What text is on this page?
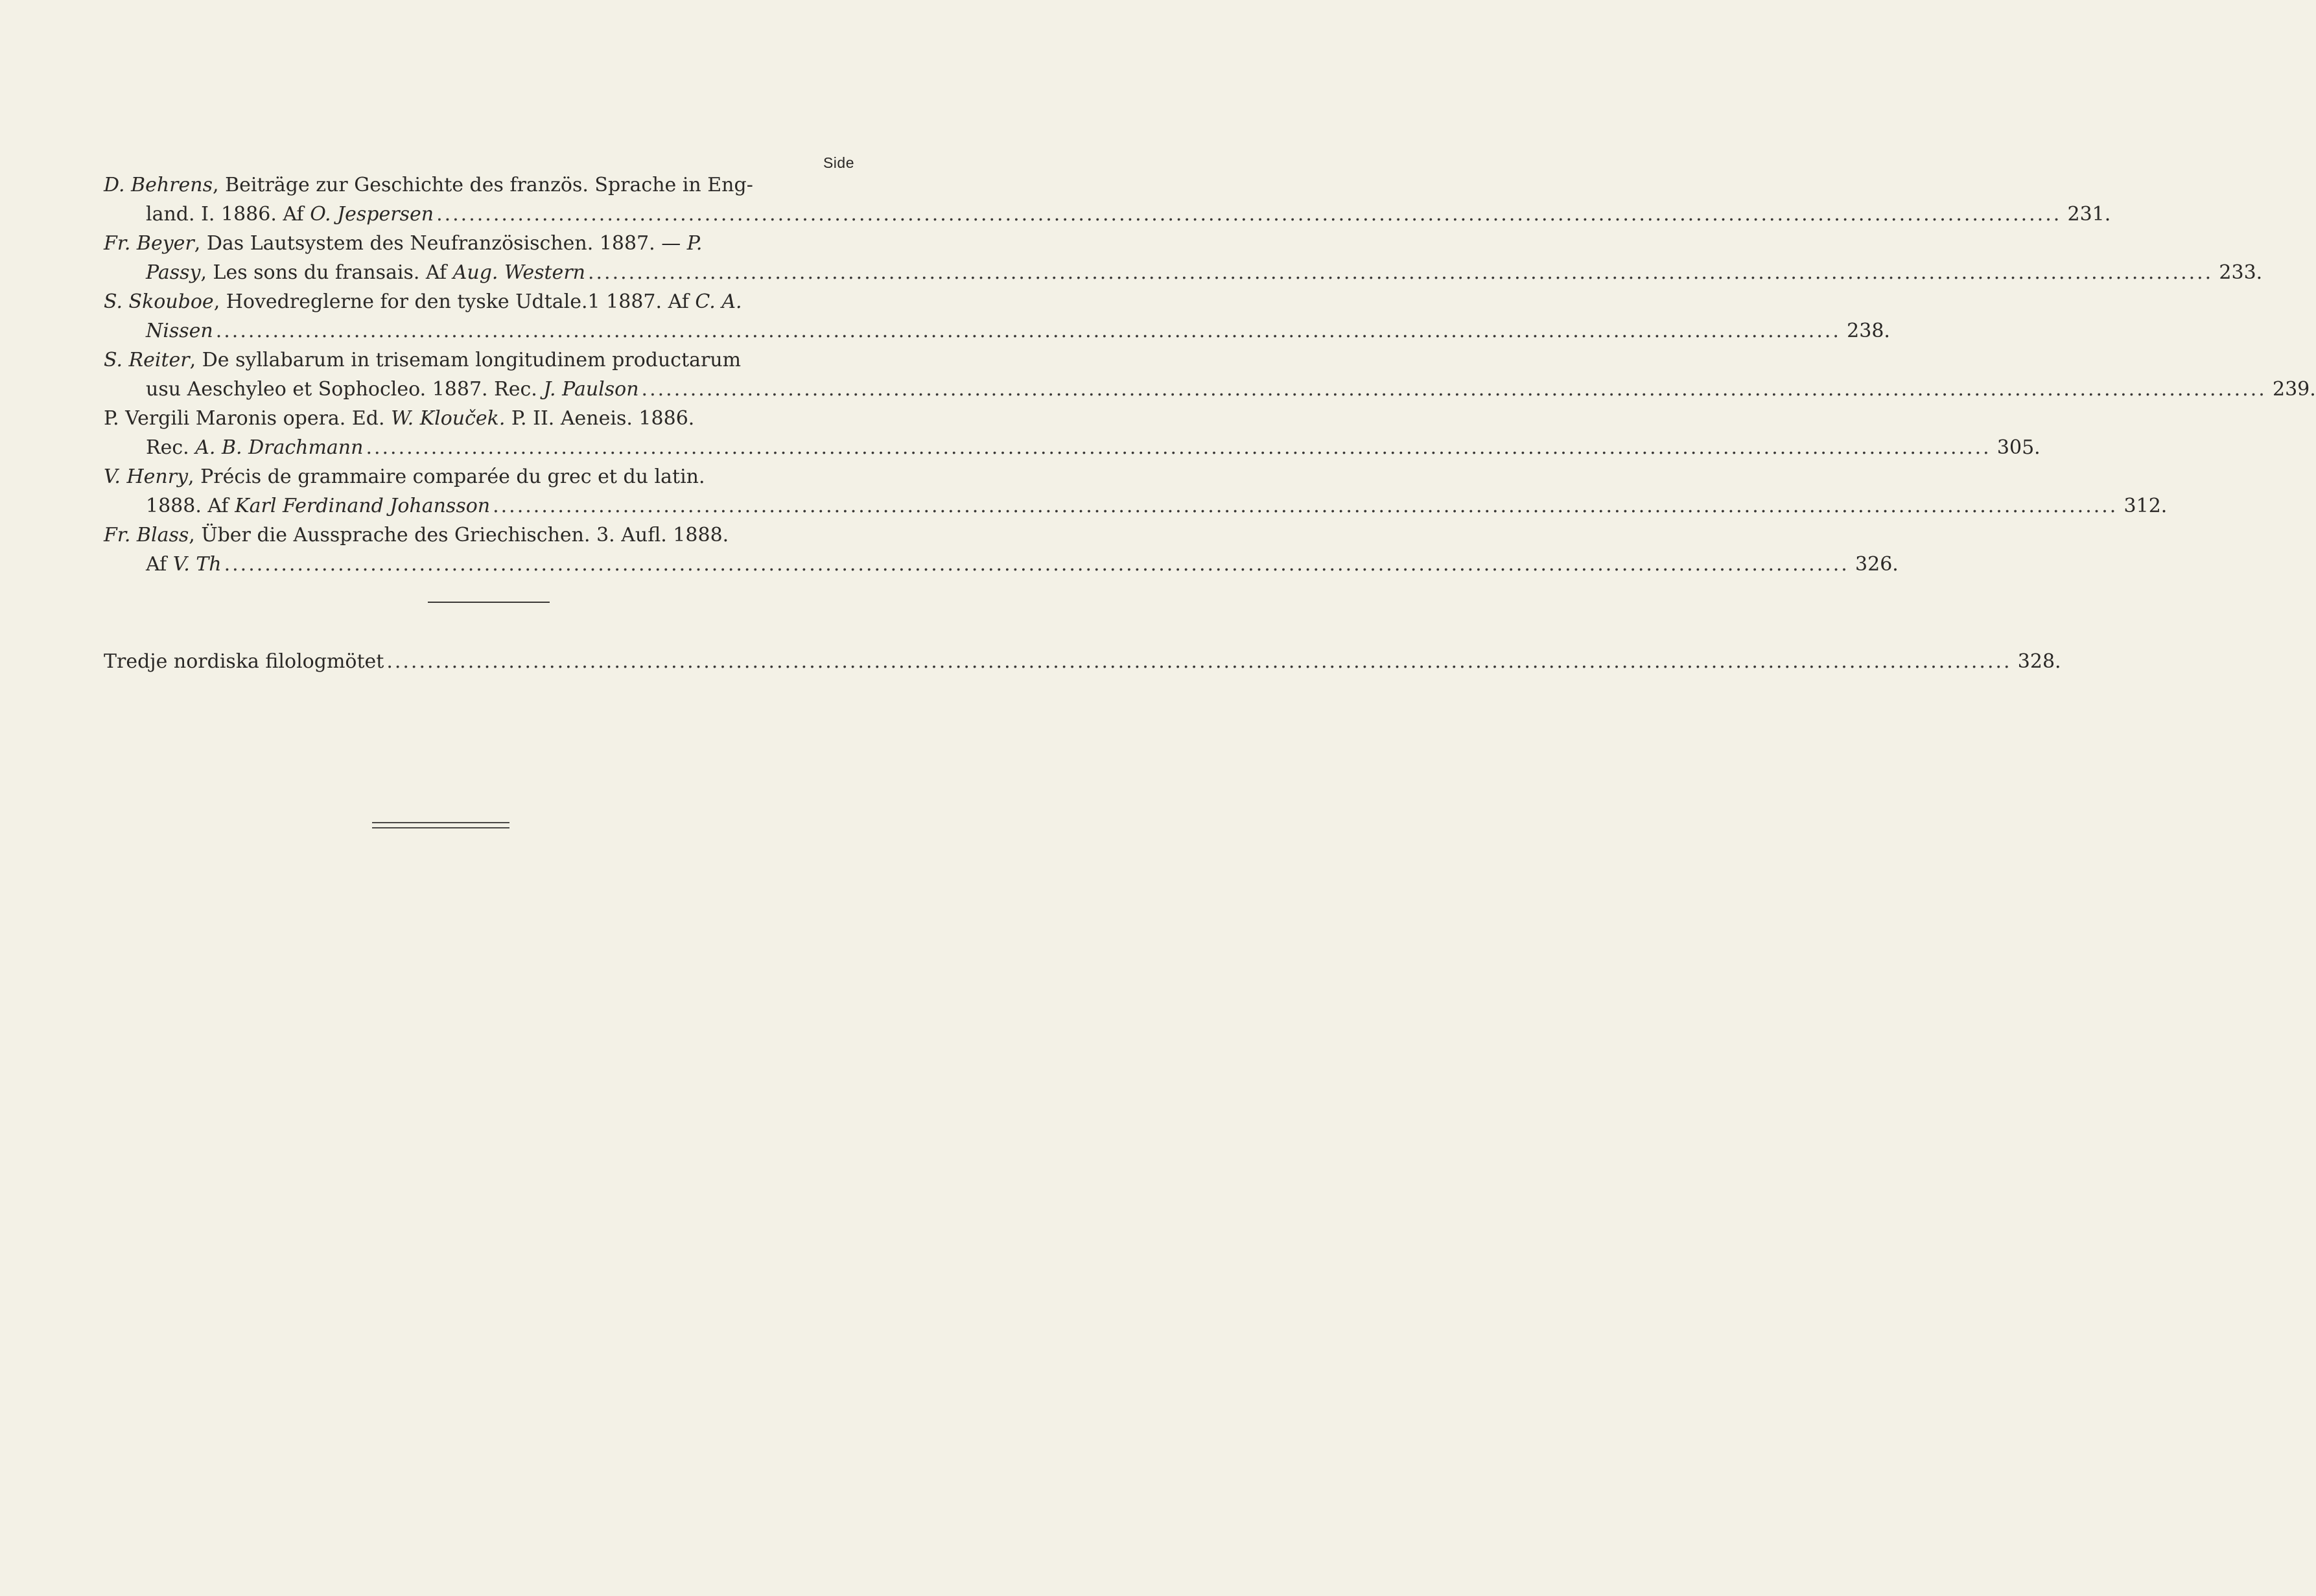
Side
D. Behrens, Beiträge zur Geschichte des französ. Sprache in Eng-
land. I. 1886. Af O. Jespersen ........................................................................................................................................................................................................ 231.
Fr. Beyer, Das Lautsystem des Neufranzösischen. 1887. — P.
Passy, Les sons du fransais. Af Aug. Western ........................................................................................................................................................................................................ 233.
S. Skouboe, Hovedreglerne for den tyske Udtale.1 1887. Af C. A.
Nissen ........................................................................................................................................................................................................ 238.
S. Reiter, De syllabarum in trisemam longitudinem productarum
usu Aeschyleo et Sophocleo. 1887. Rec. J. Paulson ........................................................................................................................................................................................................ 239.
P. Vergili Maronis opera. Ed. W. Klouček. P. II. Aeneis. 1886.
Rec. A. B. Drachmann ........................................................................................................................................................................................................ 305.
V. Henry, Précis de grammaire comparée du grec et du latin.
1888. Af Karl Ferdinand Johansson ........................................................................................................................................................................................................ 312.
Fr. Blass, Über die Aussprache des Griechischen. 3. Aufl. 1888.
Af V. Th ........................................................................................................................................................................................................ 326.
Tredje nordiska filologmötet ........................................................................................................................................................................................................ 328.
